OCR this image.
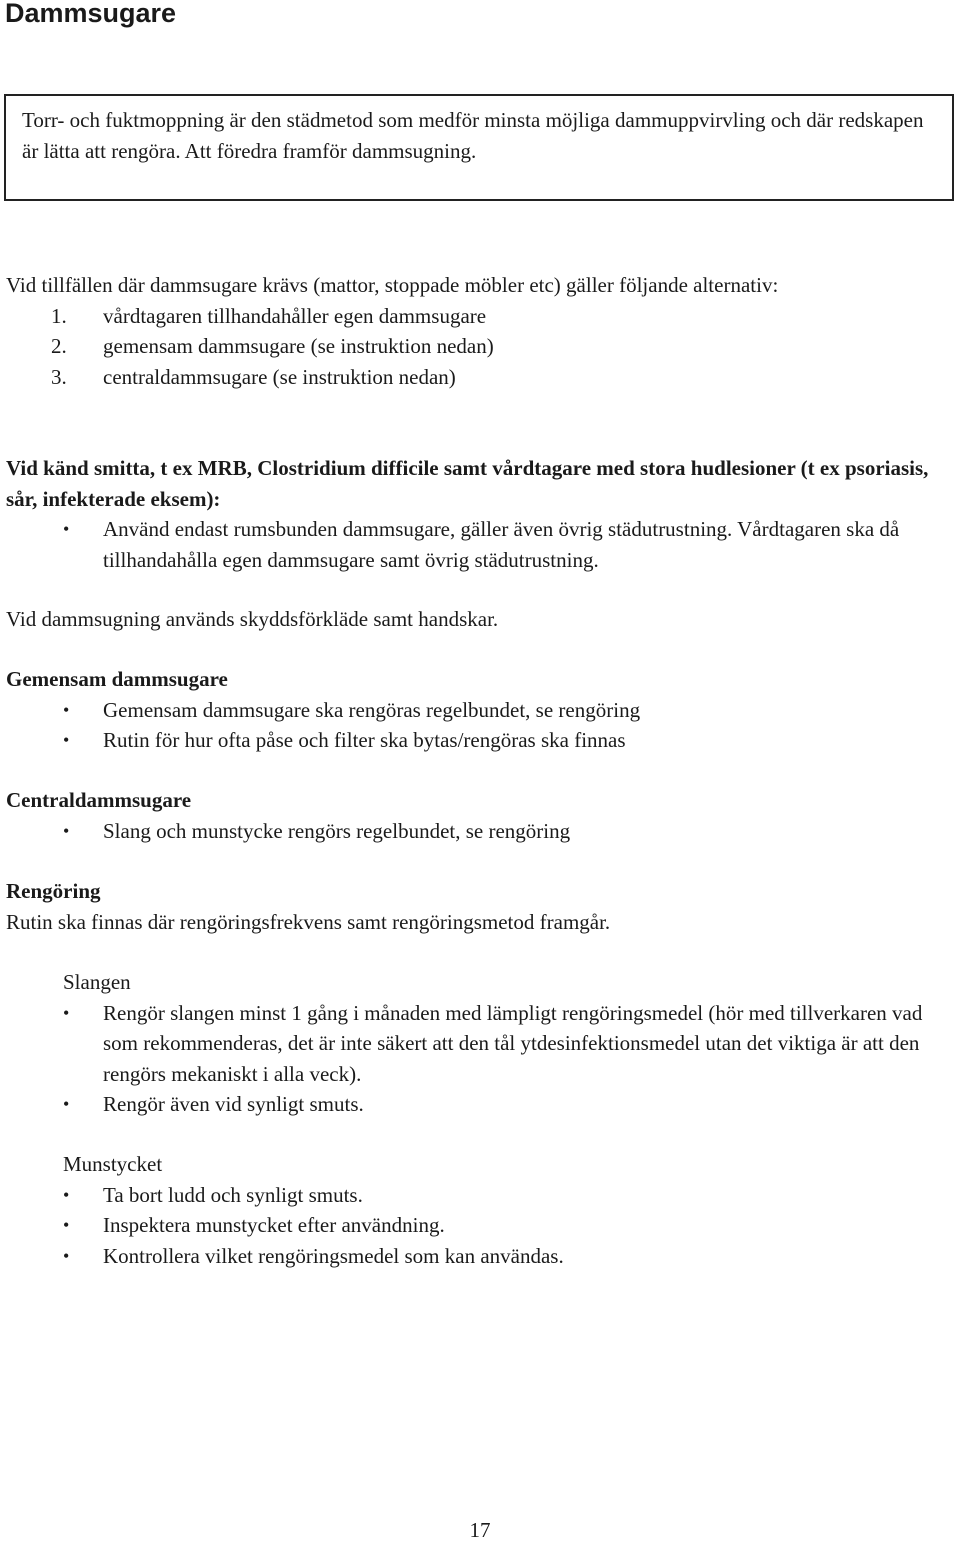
Dammsugare

Torr- och fuktmoppning är den städmetod som medför minsta möjliga dammuppvirvling och där redskapen är lätta att rengöra. Att föredra framför dammsugning.

Vid tillfällen där dammsugare krävs (mattor, stoppade möbler etc) gäller följande alternativ:

1. vårdtagaren tillhandahåller egen dammsugare
2. gemensam dammsugare (se instruktion nedan)
3. centraldammsugare (se instruktion nedan)

Vid känd smitta, t ex MRB, Clostridium difficile samt vårdtagare med stora hudlesioner (t ex psoriasis, sår, infekterade eksem):

• Använd endast rumsbunden dammsugare, gäller även övrig städutrustning. Vårdtagaren ska då tillhandahålla egen dammsugare samt övrig städutrustning.

Vid dammsugning används skyddsförkläde samt handskar.

Gemensam dammsugare

• Gemensam dammsugare ska rengöras regelbundet, se rengöring
• Rutin för hur ofta påse och filter ska bytas/rengöras ska finnas

Centraldammsugare

• Slang och munstycke rengörs regelbundet, se rengöring

Rengöring

Rutin ska finnas där rengöringsfrekvens samt rengöringsmetod framgår.

Slangen

• Rengör slangen minst 1 gång i månaden med lämpligt rengöringsmedel (hör med tillverkaren vad som rekommenderas, det är inte säkert att den tål ytdesinfektionsmedel utan det viktiga är att den rengörs mekaniskt i alla veck).
• Rengör även vid synligt smuts.

Munstycket

• Ta bort ludd och synligt smuts.
• Inspektera munstycket efter användning.
• Kontrollera vilket rengöringsmedel som kan användas.
17
